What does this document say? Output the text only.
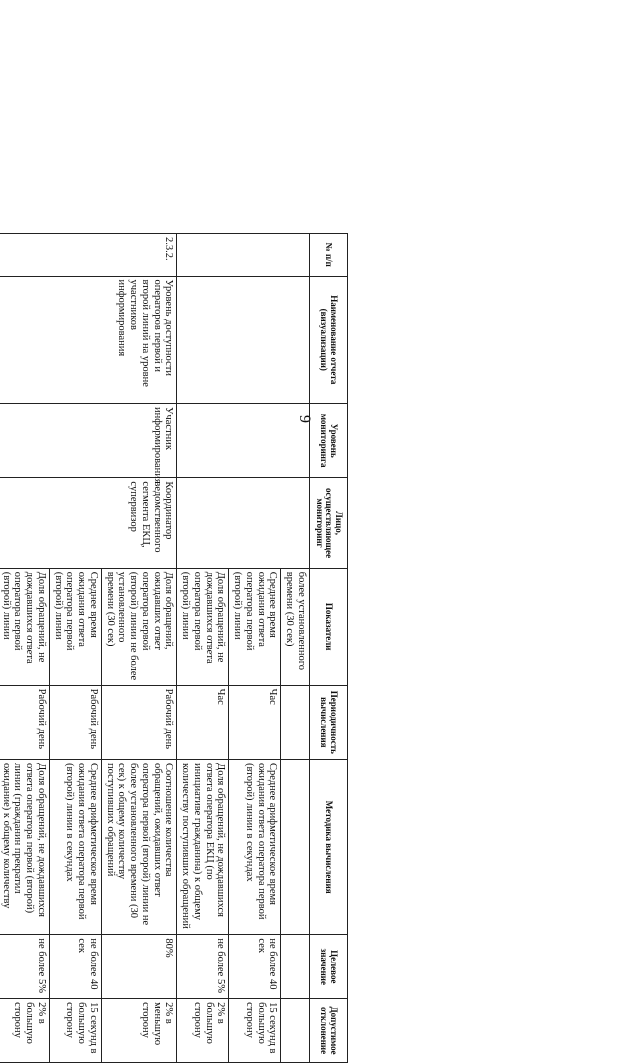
9
№ п/п	Наименование отчета (визуализации)	Уровень мониторинга	Лицо, осуществляющее мониторинг	Показатели	Периодичность вычисления	Методика вычисления	Целевое значение	Допустимое отклонение
				более установленного времени (30 сек)				
				Среднее время ожидания ответа оператора первой (второй) линии	Час	Среднее арифметическое время ожидания ответа оператора первой (второй) линии в секундах	не более 40 сек	15 секунд в большую сторону
				Доля обращений, не дождавшихся ответа оператора первой (второй) линии	Час	Доля обращений, не дождавшихся ответа оператора ЕКЦ (по инициативе гражданина) к общему количеству поступивших обращений	не более 5%	2% в большую сторону
2.3.2.	Уровень доступности операторов первой и второй линий на уровне участников информирования	Участник информирования	Координатор ведомственного сегмента ЕКЦ, супервизор	Доля обращений, ожидавших ответ оператора первой (второй) линии не более установленного времени (30 сек)	Рабочий день	Соотношение количества обращений, ожидавших ответ оператора первой (второй) линии не более установленного времени (30 сек) к общему количеству поступивших обращений	80%	2% в меньшую сторону
				Среднее время ожидания ответа оператора первой (второй) линии	Рабочий день	Среднее арифметическое время ожидания ответа оператора первой (второй) линии в секундах	не более 40 сек	15 секунд в большую сторону
				Доля обращений, не дождавшихся ответа оператора первой (второй) линии	Рабочий день	Доля обращений, не дождавшихся ответа оператора первой (второй) линии (гражданин прекратил ожидание) к общему количеству	не более 5%	2% в большую сторону
